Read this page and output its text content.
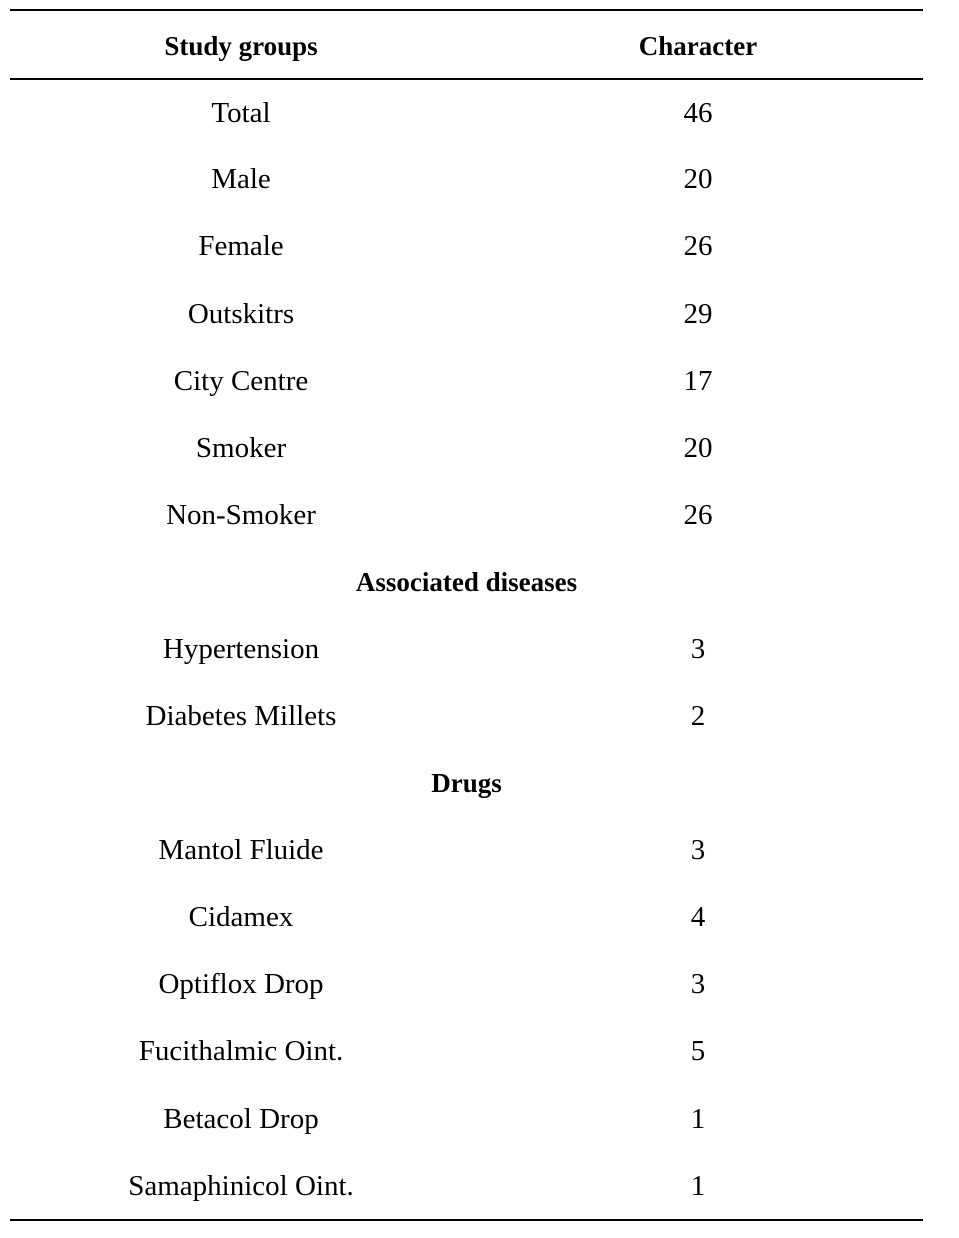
Study groups	Character
Total	46
Male	20
Female	26
Outskitrs	29
City Centre	17
Smoker	20
Non-Smoker	26
Associated diseases
Hypertension	3
Diabetes Millets	2
Drugs
Mantol Fluide	3
Cidamex	4
Optiflox Drop	3
Fucithalmic Oint.	5
Betacol Drop	1
Samaphinicol Oint.	1
